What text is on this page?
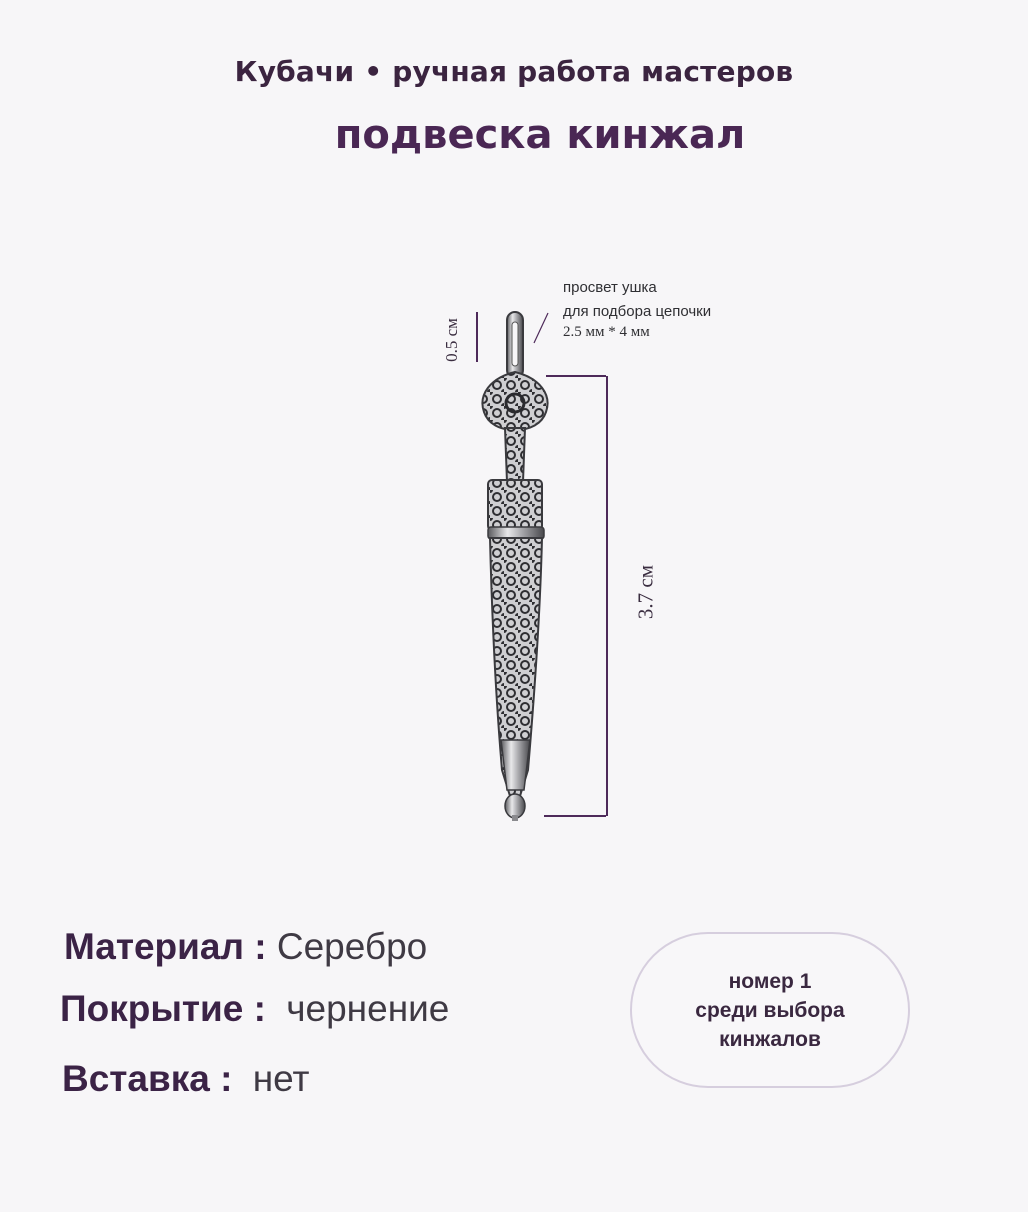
Кубачи • ручная работа мастеров
подвеска кинжал
просвет ушка
для подбора цепочки
2.5 мм * 4 мм
0.5 см
3.7 см
Материал : Серебро
Покрытие : чернение
Вставка : нет
номер 1
среди выбора
кинжалов
